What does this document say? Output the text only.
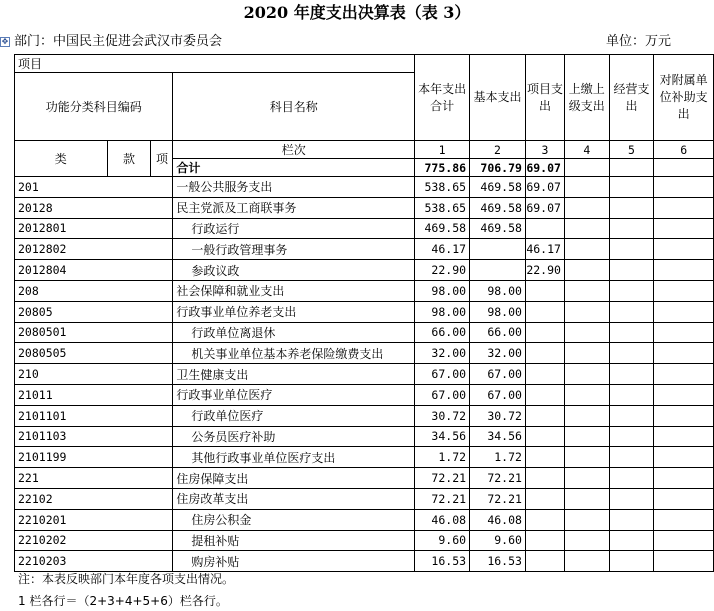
2020 年度支出决算表（表 3）
✥ 部门：中国民主促进会武汉市委员会	单位：万元
项目				本年支出合计	基本支出	项目支出	上缴上级支出	经营支出	对附属单位补助支出
功能分类科目编码			科目名称						
类	款	项	栏次	1	2	3	4	5	6
			合计	775.86	706.79	69.07			
201			一般公共服务支出	538.65	469.58	69.07			
20128			民主党派及工商联事务	538.65	469.58	69.07			
2012801			行政运行	469.58	469.58				
2012802			一般行政管理事务	46.17		46.17			
2012804			参政议政	22.90		22.90			
208			社会保障和就业支出	98.00	98.00				
20805			行政事业单位养老支出	98.00	98.00				
2080501			行政单位离退休	66.00	66.00				
2080505			机关事业单位基本养老保险缴费支出	32.00	32.00				
210			卫生健康支出	67.00	67.00				
21011			行政事业单位医疗	67.00	67.00				
2101101			行政单位医疗	30.72	30.72				
2101103			公务员医疗补助	34.56	34.56				
2101199			其他行政事业单位医疗支出	1.72	1.72				
221			住房保障支出	72.21	72.21				
22102			住房改革支出	72.21	72.21				
2210201			住房公积金	46.08	46.08				
2210202			提租补贴	9.60	9.60				
2210203			购房补贴	16.53	16.53				
注：本表反映部门本年度各项支出情况。
1 栏各行＝（2+3+4+5+6）栏各行。
